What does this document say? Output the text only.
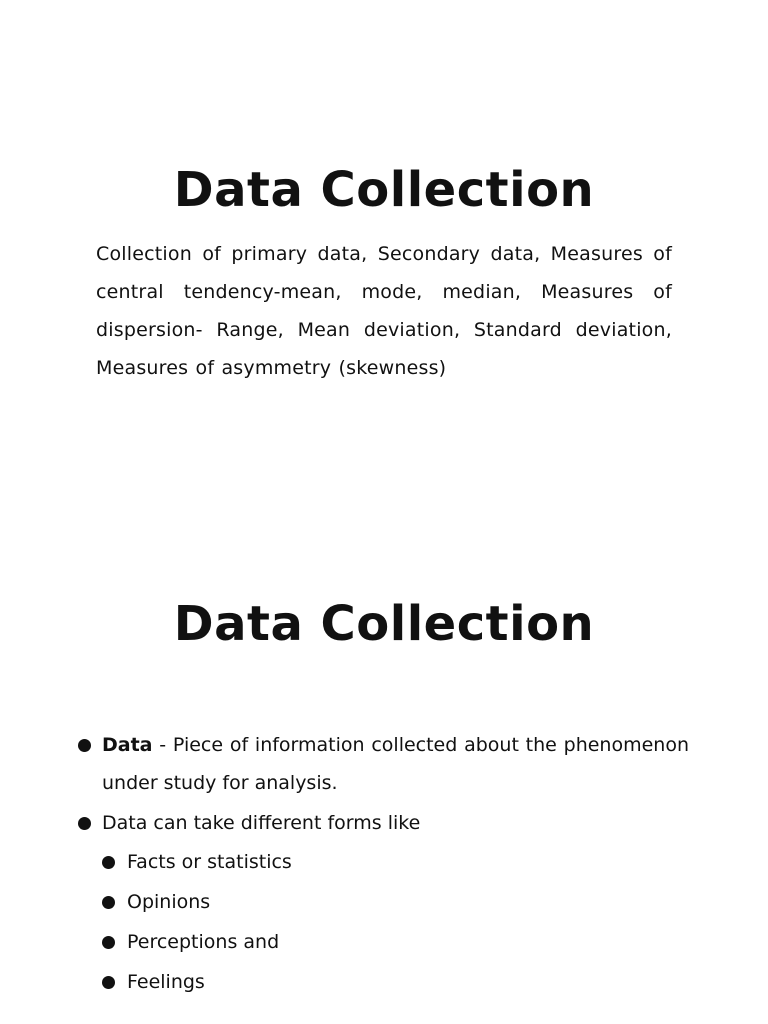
Data Collection

Collection of primary data, Secondary data, Measures of central tendency-mean, mode, median, Measures of dispersion- Range, Mean deviation, Standard deviation, Measures of asymmetry (skewness)

Data Collection
Data - Piece of information collected about the phenomenon under study for analysis.
Data can take different forms like
Facts or statistics
Opinions
Perceptions and
Feelings
